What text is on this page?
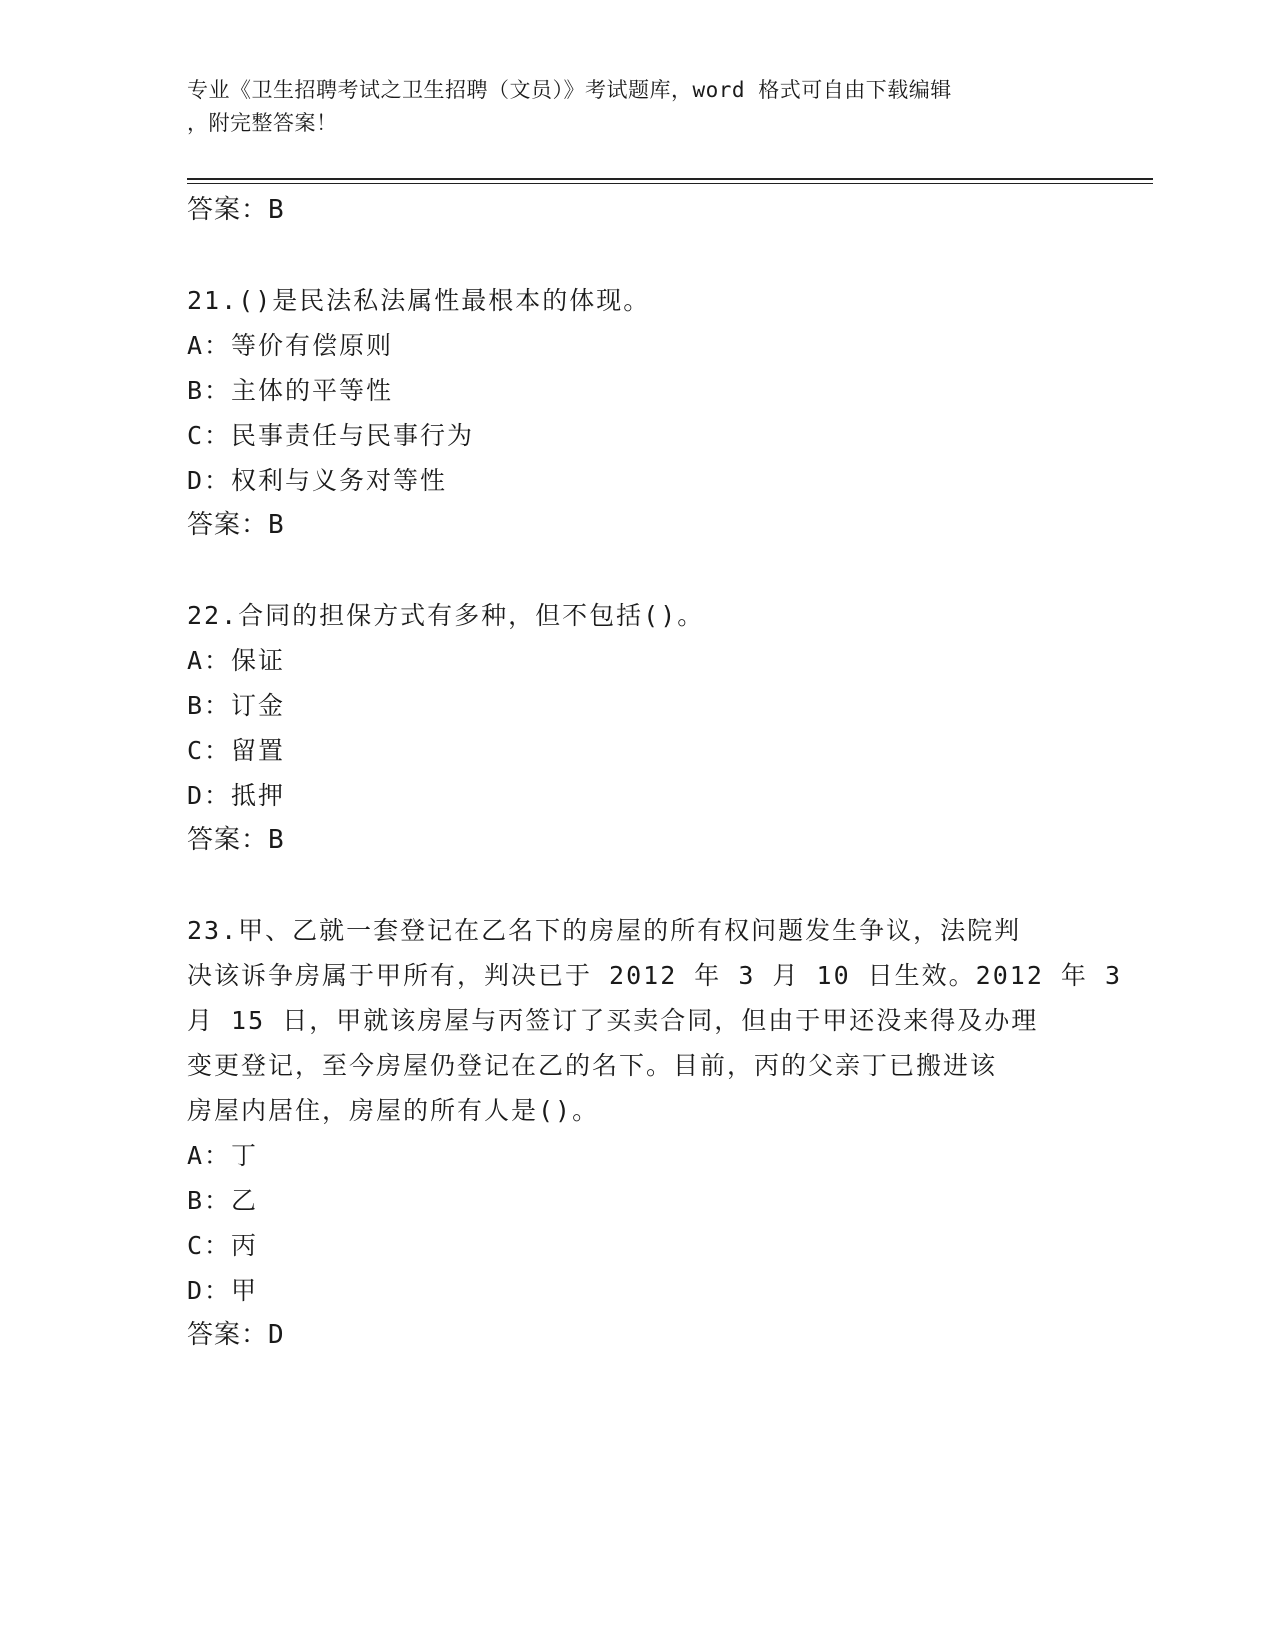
专业《卫生招聘考试之卫生招聘（文员）》考试题库，word 格式可自由下载编辑
，附完整答案！
答案：B
21.()是民法私法属性最根本的体现。
A：等价有偿原则
B：主体的平等性
C：民事责任与民事行为
D：权利与义务对等性
答案：B
22.合同的担保方式有多种，但不包括()。
A：保证
B：订金
C：留置
D：抵押
答案：B
23.甲、乙就一套登记在乙名下的房屋的所有权问题发生争议，法院判
决该诉争房属于甲所有，判决已于 2012 年 3 月 10 日生效。2012 年 3
月 15 日，甲就该房屋与丙签订了买卖合同，但由于甲还没来得及办理
变更登记，至今房屋仍登记在乙的名下。目前，丙的父亲丁已搬进该
房屋内居住，房屋的所有人是()。
A：丁
B：乙
C：丙
D：甲
答案：D
